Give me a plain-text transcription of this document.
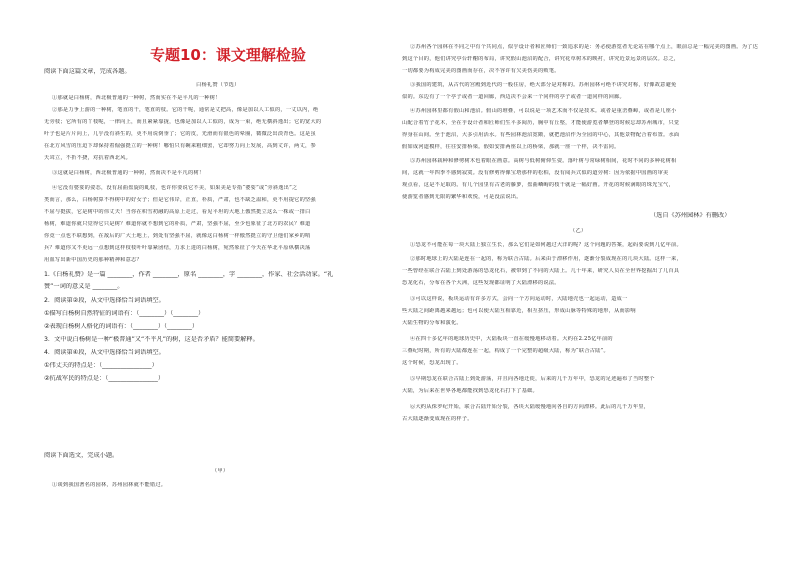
专题10：课文理解检验
阅读下面这篇文章，完成各题。
白杨礼赞（节选）
①那就是白杨树，西北极普通的一种树，然而实在不是平凡的一种树！
②那是力争上游的一种树，笔直的干，笔直的枝。它的干呢，通常是丈把高，像是加以人工似的，一丈以内，绝
无旁枝；它所有的丫枝呢，一律向上，而且紧紧靠拢，也像是加以人工似的，成为一束，绝无横斜逸出；它的宽大的
叶子也是片片向上，几乎没有斜生的，更不用说倒垂了；它的皮，光滑而有银色的晕圈，微微泛出淡青色。这是虽
在北方风雪的压迫下却保持着倔强挺立的一种树！哪怕只有碗来粗细罢，它却努力向上发展，高到丈许，两丈，参
天耸立，不折不挠，对抗着西北风。
③这就是白杨树，西北极普通的一种树，然而决不是平凡的树！
④它没有婆娑的姿态，没有屈曲盘旋的虬枝，也许你要说它不美，如果美是专指“婆娑”或“旁斜逸出”之
类而言，那么，白杨树算不得树中的好女子；但是它伟岸，正直，朴质，严肃，也不缺乏温和，更不用提它的坚强
不屈与挺拔，它是树中的伟丈夫！当你在积雪初融的高原上走过，看见平坦的大地上傲然挺立这么一株或一排白
杨树，难道你就只觉得它只是树？难道你就不想到它的朴质，严肃，坚强不屈，至少也象征了北方的农民？难道
你竟一点也不联想到，在敌后的广大土地上，到处有坚强不屈，就像这白杨树一样傲然挺立的守卫他们家乡的哨
兵？难道你又不更远一点想到这样枝枝叶叶靠紧团结，力求上进的白杨树，宛然象征了今天在华北平原纵横决荡
用血写出新中国历史的那种精神和意志？
1.《白杨礼赞》是一篇 ________，作者 ________，原名 ________，字 ________，作家、社会活动家。“礼
赞”一词的意义是 ________。
2．阅读第②段，从文中选择恰当词语填空。
①描写白杨树自然特征的词语有：（________）（________）
②表现白杨树人格化的词语有：（________）（________）
3．文中说白杨树是一种“极普通”又“不平凡”的树，这是否矛盾？能简要解释。
4．阅读第④段，从文中选择恰当词语填空。
①伟丈夫的特点是：（________________）
②抗战军民的特点是：（________________）
阅读下面选文，完成小题。
（甲）
①谈到我国著名的园林，苏州园林就不能错过。
②苏州各个园林在不同之中有个共同点，似乎设计者和匠师们一致追求的是：务必使游览者无论站在哪个点上，眼前总是一幅完美的图画。为了达
到这个目的，他们讲究亭台轩榭的布局，讲究假山池沼的配合，讲究花草树木的映衬，讲究近景远景的层次。总之，
一切都要为构成完美的图画而存在，决不容许有欠美伤美的败笔。
③我国的建筑，从古代的宫殿到近代的一般住房，绝大部分是对称的。苏州园林可绝不讲究对称，好像故意避免
似的。东边有了一个亭子或者一道回廊，西边决不会来一个同样的亭子或者一道同样的回廊。
④苏州园林里都有假山和池沼。假山的堆叠，可以说是一项艺术而不仅是技术。或者是重峦叠嶂，或者是几座小
山配合着竹子花木，全在乎设计者和匠师们生平多阅历，胸中有丘壑，才能使游览者攀登的时候忘却苏州城市，只觉
得身在山间。至于池沼，大多引用活水。有些园林池沼宽敞，就把池沼作为全园的中心，其他景物配合着布置。水面
假如成河道模样，往往安排桥梁。假如安排两座以上的桥梁，那就一座一个样，决不雷同。
⑤苏州园林栽种和修剪树木也着眼在画意。高树与低树俯仰生姿。落叶树与常绿树相间，花时不同的多种花树相
间，这就一年四季不感到寂寞。没有修剪得像宝塔那样的松柏，没有阅兵式似的道旁树：因为依据中国画的审美
观点看，这是不足取的。有几个园里有古老的藤萝，盘曲嶙峋的枝干就是一幅好画。开花的时候满眼的珠光宝气，
使游览者感到无限的繁华和欢悦，可是没法说出。
（选自《苏州园林》有删改）
（乙）
①恐龙不可能在每一块大陆上独立生长，那么它们是如何越过大洋的呢？这个问题的答案，起码要说到几亿年前。
②那时地球上的大陆是连在一起的，称为联合古陆。后来由于漂移作用，逐渐分裂成现在的几块大陆。这样一来，
一些曾经在联合古陆上到处游荡的恐龙化石，被带到了不同的大陆上。几十年来，研究人员在全世界挖掘出了几百具
恐龙化石，分布在各个大洲，这些发现都证明了大陆漂移的说法。
③可以这样说，板块运动有许多方式，会向一个方向运动时，大陆地壳也一起运动，造成一
些大陆之间距离越来越远；也可以使大陆互相靠近，相互挤压，形成山脉等特殊的地形，从而影响
大陆生物的分布和演化。
④在四十多亿年的地球历史中，大陆板块一直在缓慢地移动着。大约在2.25亿年前的
三叠纪时期，所有的大陆都连在一起，构成了一个完整的超级大陆，称为“联合古陆”。
这个时候，恐龙出现了。
⑤早期恐龙在联合古陆上到处游荡，并且向各地迁徙，后来的几千万年中，恐龙的足迹遍布了当时整个
大陆，为后来在世界各地都能找到恐龙化石打下了基础。
⑥大约从侏罗纪开始，联合古陆开始分裂，各块大陆缓慢地向各自的方向漂移。此后的几千万年里，
古大陆逐渐变成现在的样子。
